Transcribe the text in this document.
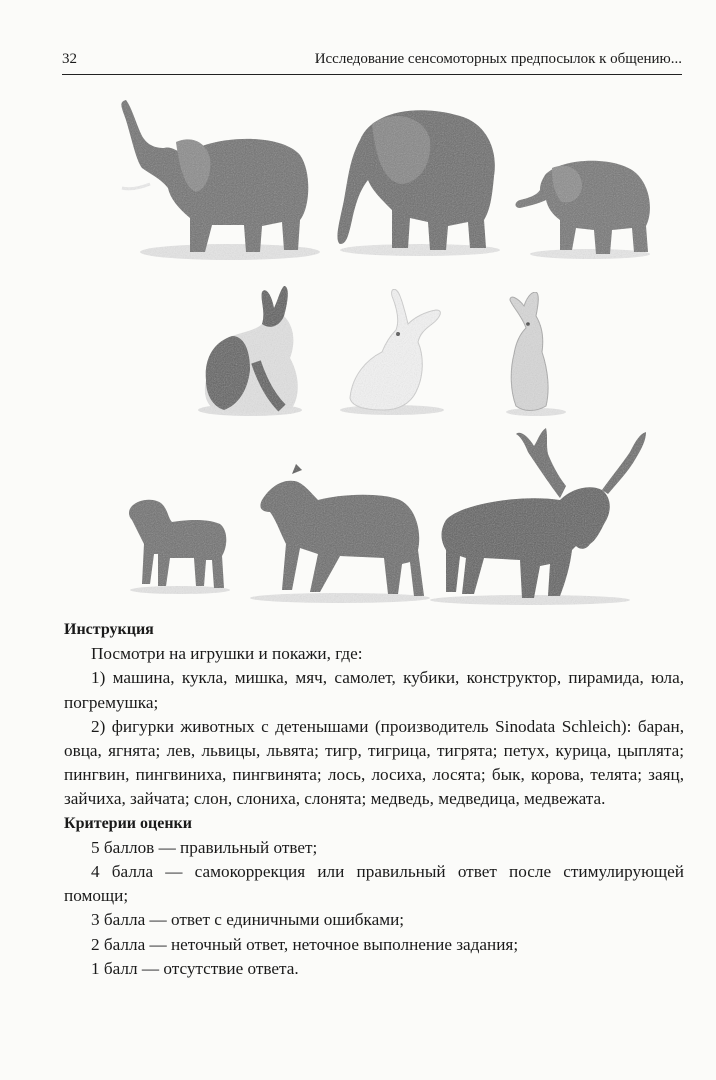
32	Исследование сенсомоторных предпосылок к общению...

Инструкция

Посмотри на игрушки и покажи, где:

1) машина, кукла, мишка, мяч, самолет, кубики, конструктор, пирамида, юла, погремушка;

2) фигурки животных с детенышами (производитель Sinodata Schleich): баран, овца, ягнята; лев, львицы, львята; тигр, тигрица, тигрята; петух, курица, цыплята; пингвин, пингвиниха, пингвинята; лось, лосиха, лосята; бык, корова, телята; заяц, зайчиха, зайчата; слон, слониха, слонята; медведь, медведица, медвежата.

Критерии оценки

5 баллов — правильный ответ;

4 балла — самокоррекция или правильный ответ после стимулирующей помощи;

3 балла — ответ с единичными ошибками;

2 балла — неточный ответ, неточное выполнение задания;

1 балл — отсутствие ответа.
